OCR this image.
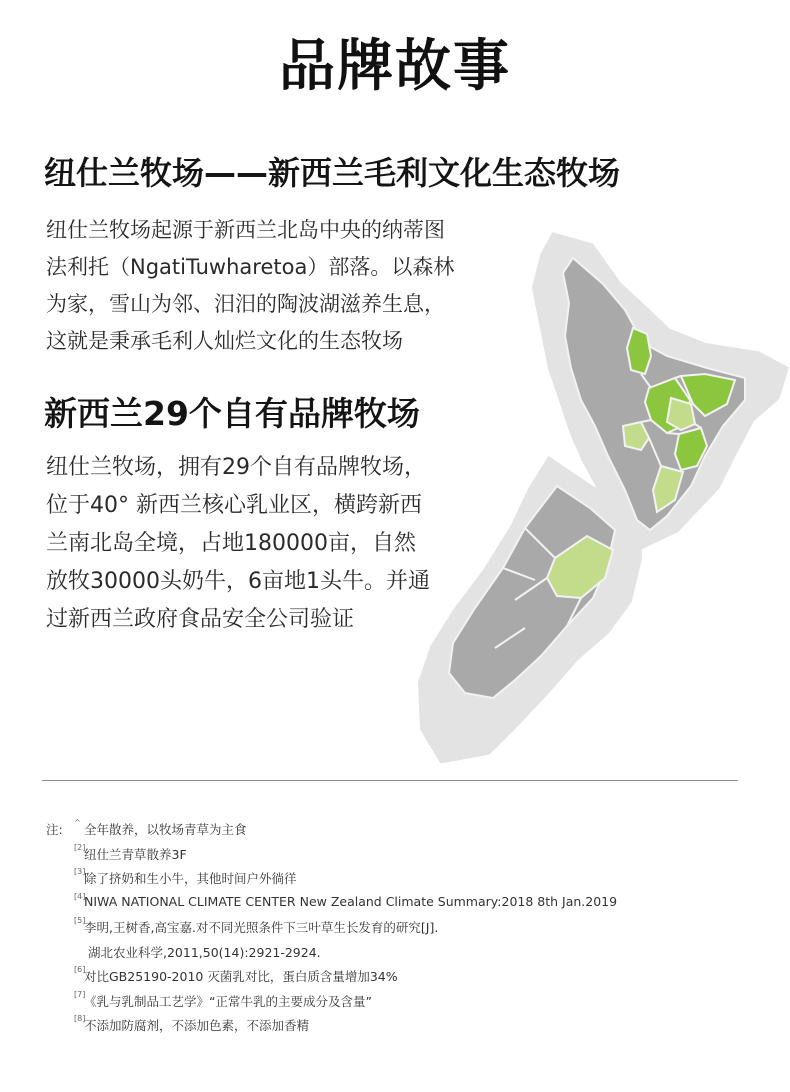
品牌故事
纽仕兰牧场——新西兰毛利文化生态牧场
纽仕兰牧场起源于新西兰北岛中央的纳蒂图
法利托（NgatiTuwharetoa）部落。以森林
为家，雪山为邻、汨汨的陶波湖滋养生息，
这就是秉承毛利人灿烂文化的生态牧场
新西兰29个自有品牌牧场
纽仕兰牧场，拥有29个自有品牌牧场，
位于40° 新西兰核心乳业区，横跨新西
兰南北岛全境，占地180000亩，自然
放牧30000头奶牛，6亩地1头牛。并通
过新西兰政府食品安全公司验证
注: ^ 全年散养，以牧场青草为主食
[2]
纽仕兰青草散养3F
[3]
除了挤奶和生小牛，其他时间户外徜徉
[4]
NIWA NATIONAL CLIMATE CENTER New Zealand Climate Summary:2018 8th Jan.2019
[5]
李明,王树香,高宝嘉.对不同光照条件下三叶草生长发育的研究[J].
湖北农业科学,2011,50(14):2921-2924.
[6]
对比GB25190-2010 灭菌乳对比，蛋白质含量增加34%
[7]
《乳与乳制品工艺学》“正常牛乳的主要成分及含量”
[8]
不添加防腐剂，不添加色素，不添加香精
